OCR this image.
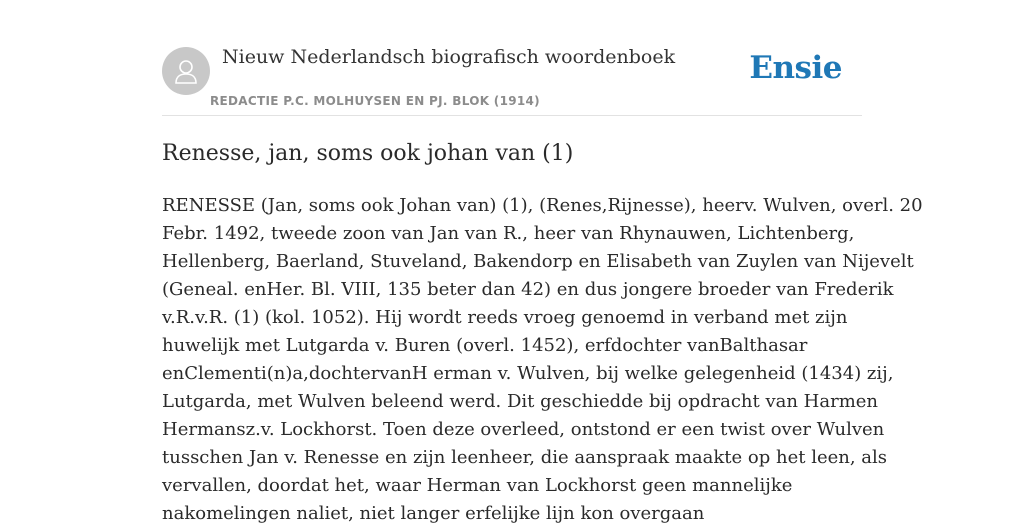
Nieuw Nederlandsch biografisch woordenboek
REDACTIE P.C. MOLHUYSEN EN PJ. BLOK (1914)
Ensie
Renesse, jan, soms ook johan van (1)
RENESSE (Jan, soms ook Johan van) (1), (Renes,Rijnesse), heerv. Wulven, overl. 20
Febr. 1492, tweede zoon van Jan van R., heer van Rhynauwen, Lichtenberg,
Hellenberg, Baerland, Stuveland, Bakendorp en Elisabeth van Zuylen van Nijevelt
(Geneal. enHer. Bl. VIII, 135 beter dan 42) en dus jongere broeder van Frederik
v.R.v.R. (1) (kol. 1052). Hij wordt reeds vroeg genoemd in verband met zijn
huwelijk met Lutgarda v. Buren (overl. 1452), erfdochter vanBalthasar
enClementi(n)a,dochtervanH erman v. Wulven, bij welke gelegenheid (1434) zij,
Lutgarda, met Wulven beleend werd. Dit geschiedde bij opdracht van Harmen
Hermansz.v. Lockhorst. Toen deze overleed, ontstond er een twist over Wulven
tusschen Jan v. Renesse en zijn leenheer, die aanspraak maakte op het leen, als
vervallen, doordat het, waar Herman van Lockhorst geen mannelijke
nakomelingen naliet, niet langer erfelijke lijn kon overgaan
